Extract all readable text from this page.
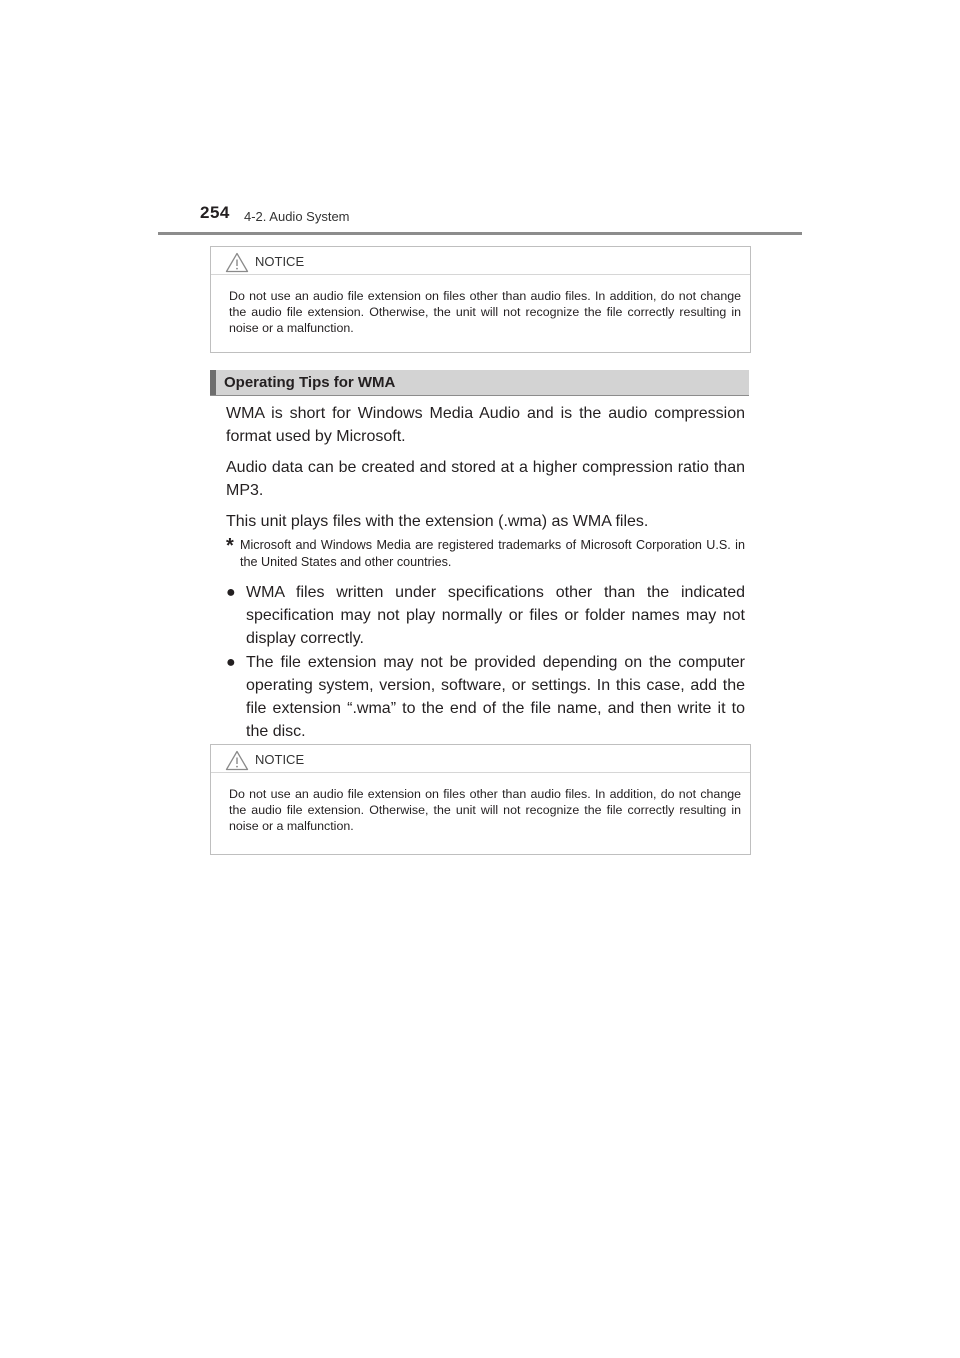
254 4-2. Audio System
NOTICE
Do not use an audio file extension on files other than audio files. In addition, do not change the audio file extension. Otherwise, the unit will not recognize the file correctly resulting in noise or a malfunction.
Operating Tips for WMA

WMA is short for Windows Media Audio and is the audio compression format used by Microsoft.

Audio data can be created and stored at a higher compression ratio than MP3.

This unit plays files with the extension (.wma) as WMA files.

* Microsoft and Windows Media are registered trademarks of Microsoft Corporation U.S. in the United States and other countries.
● WMA files written under specifications other than the indicated specification may not play normally or files or folder names may not display correctly.
● The file extension may not be provided depending on the computer operating system, version, software, or settings. In this case, add the file extension “.wma” to the end of the file name, and then write it to the disc.
NOTICE
Do not use an audio file extension on files other than audio files. In addition, do not change the audio file extension. Otherwise, the unit will not recognize the file correctly resulting in noise or a malfunction.
